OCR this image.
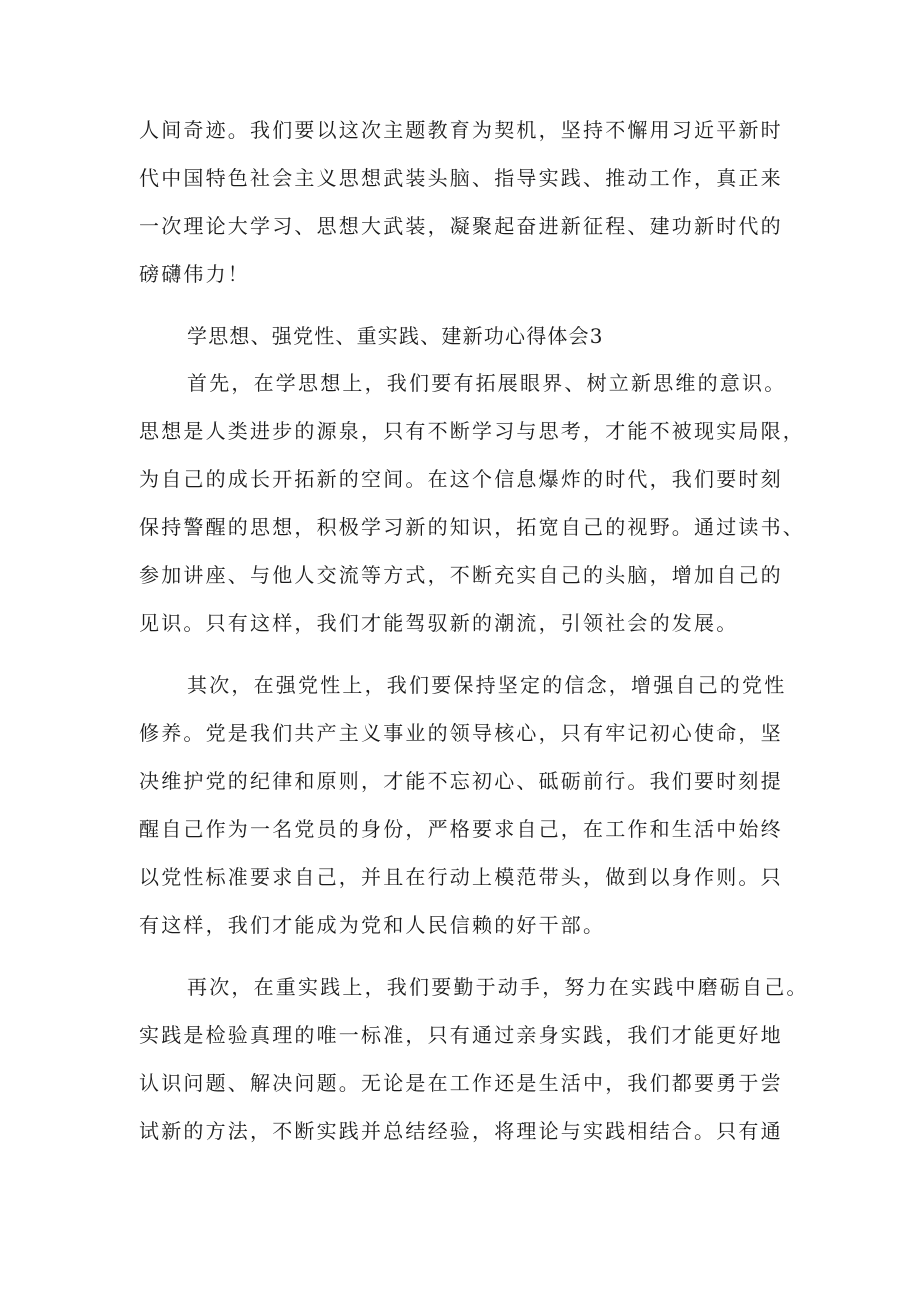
人间奇迹。我们要以这次主题教育为契机，坚持不懈用习近平新时
代中国特色社会主义思想武装头脑、指导实践、推动工作，真正来
一次理论大学习、思想大武装，凝聚起奋进新征程、建功新时代的
磅礴伟力！
学思想、强党性、重实践、建新功心得体会3
首先，在学思想上，我们要有拓展眼界、树立新思维的意识。
思想是人类进步的源泉，只有不断学习与思考，才能不被现实局限，
为自己的成长开拓新的空间。在这个信息爆炸的时代，我们要时刻
保持警醒的思想，积极学习新的知识，拓宽自己的视野。通过读书、
参加讲座、与他人交流等方式，不断充实自己的头脑，增加自己的
见识。只有这样，我们才能驾驭新的潮流，引领社会的发展。
其次，在强党性上，我们要保持坚定的信念，增强自己的党性
修养。党是我们共产主义事业的领导核心，只有牢记初心使命，坚
决维护党的纪律和原则，才能不忘初心、砥砺前行。我们要时刻提
醒自己作为一名党员的身份，严格要求自己，在工作和生活中始终
以党性标准要求自己，并且在行动上模范带头，做到以身作则。只
有这样，我们才能成为党和人民信赖的好干部。
再次，在重实践上，我们要勤于动手，努力在实践中磨砺自己。
实践是检验真理的唯一标准，只有通过亲身实践，我们才能更好地
认识问题、解决问题。无论是在工作还是生活中，我们都要勇于尝
试新的方法，不断实践并总结经验，将理论与实践相结合。只有通
